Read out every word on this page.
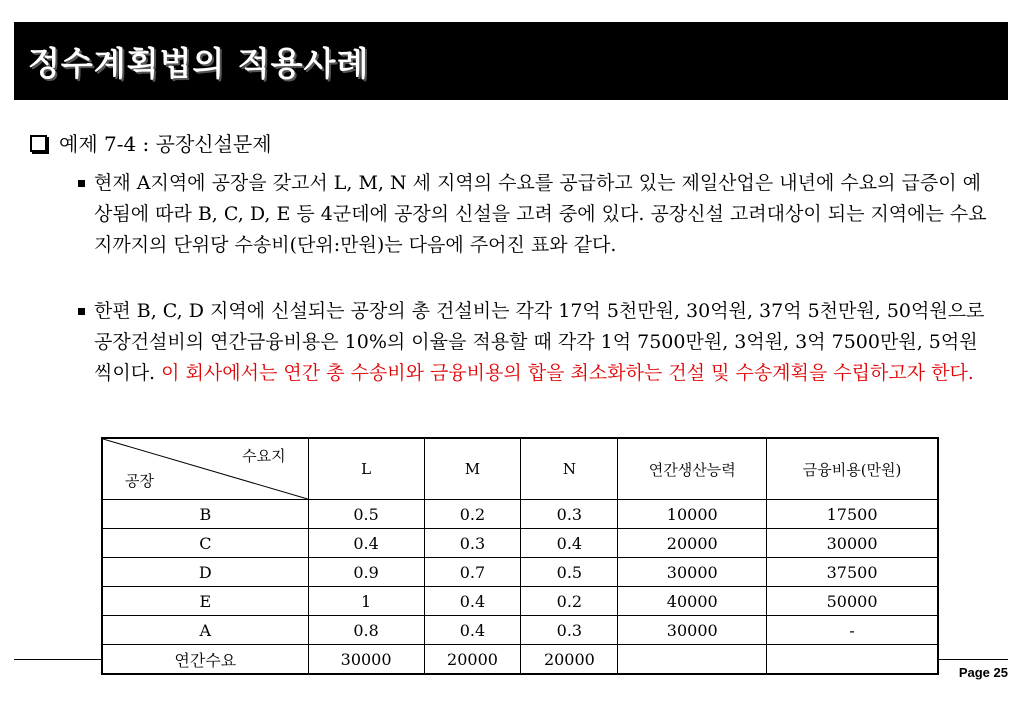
정수계획법의 적용사례
예제 7-4 : 공장신설문제
현재 A지역에 공장을 갖고서 L, M, N 세 지역의 수요를 공급하고 있는 제일산업은 내년에 수요의 급증이 예상됨에 따라 B, C, D, E 등 4군데에 공장의 신설을 고려 중에 있다. 공장신설 고려대상이 되는 지역에는 수요지까지의 단위당 수송비(단위:만원)는 다음에 주어진 표와 같다.
한편 B, C, D 지역에 신설되는 공장의 총 건설비는 각각 17억 5천만원, 30억원, 37억 5천만원, 50억원으로 공장건설비의 연간금융비용은 10%의 이율을 적용할 때 각각 1억 7500만원, 3억원, 3억 7500만원, 5억원 씩이다. 이 회사에서는 연간 총 수송비와 금융비용의 합을 최소화하는 건설 및 수송계획을 수립하고자 한다.
수요지
공장	L	M	N	연간생산능력	금융비용(만원)
B	0.5	0.2	0.3	10000	17500
C	0.4	0.3	0.4	20000	30000
D	0.9	0.7	0.5	30000	37500
E	1	0.4	0.2	40000	50000
A	0.8	0.4	0.3	30000	-
연간수요	30000	20000	20000		
Page 25
